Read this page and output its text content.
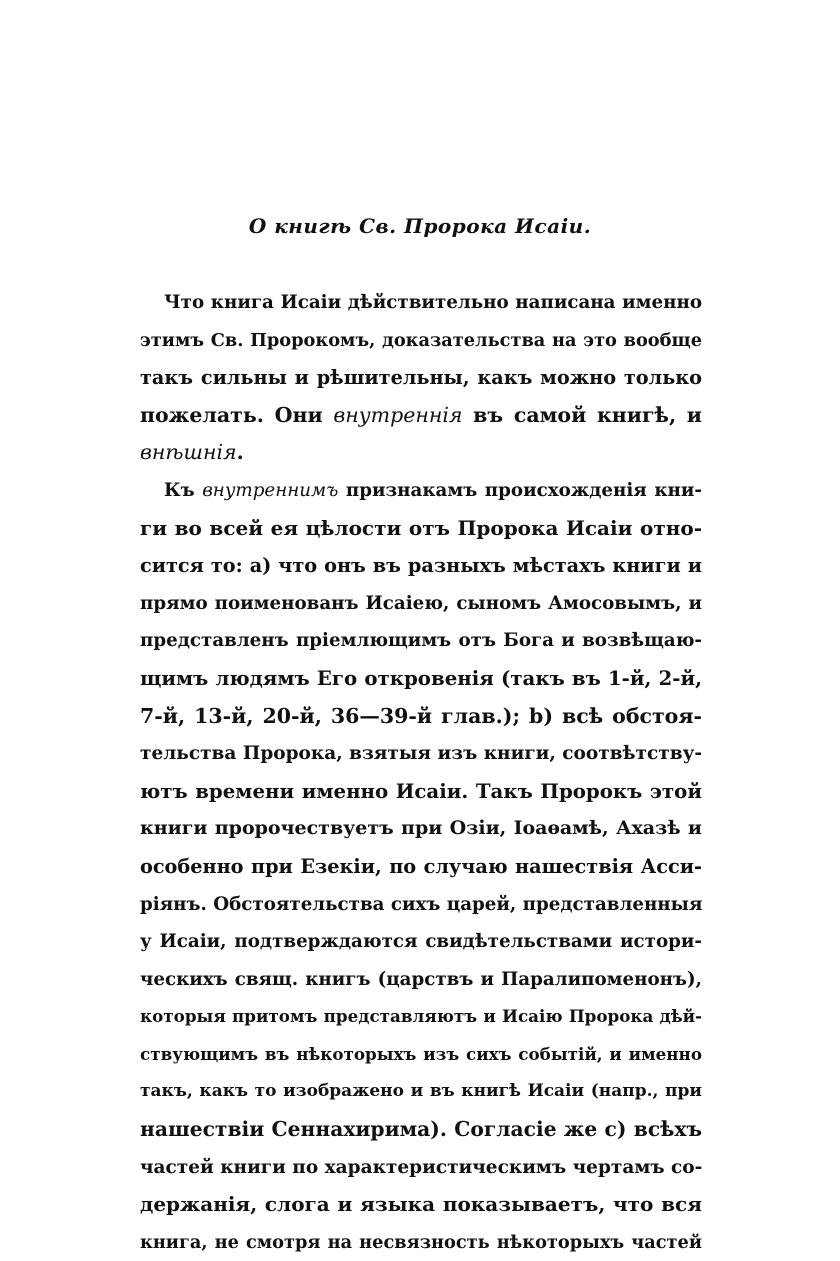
О книгѣ Св. Пророка Исаіи.
Что книга Исаіи дѣйствительно написана именно
этимъ Св. Пророкомъ, доказательства на это вообще
такъ сильны и рѣшительны, какъ можно только
пожелать. Они внутреннія въ самой книгѣ, и
внѣшнія.
Къ внутреннимъ признакамъ происхожденія кни-
ги во всей ея цѣлости отъ Пророка Исаіи отно-
сится то: а) что онъ въ разныхъ мѣстахъ книги и
прямо поименованъ Исаіею, сыномъ Амосовымъ, и
представленъ пріемлющимъ отъ Бога и возвѣщаю-
щимъ людямъ Его откровенія (такъ въ 1-й, 2-й,
7-й, 13-й, 20-й, 36—39-й глав.); b) всѣ обстоя-
тельства Пророка, взятыя изъ книги, соотвѣтству-
ютъ времени именно Исаіи. Такъ Пророкъ этой
книги пророчествуетъ при Озіи, Іоаѳамѣ, Ахазѣ и
особенно при Езекіи, по случаю нашествія Асси-
ріянъ. Обстоятельства сихъ царей, представленныя
у Исаіи, подтверждаются свидѣтельствами истори-
ческихъ свящ. книгъ (царствъ и Паралипоменонъ),
которыя притомъ представляютъ и Исаію Пророка дѣй-
ствующимъ въ нѣкоторыхъ изъ сихъ событій, и именно
такъ, какъ то изображено и въ книгѣ Исаіи (напр., при
нашествіи Сеннахирима). Согласіе же с) всѣхъ
частей книги по характеристическимъ чертамъ со-
держанія, слога и языка показываетъ, что вся
книга, не смотря на несвязность нѣкоторыхъ частей
